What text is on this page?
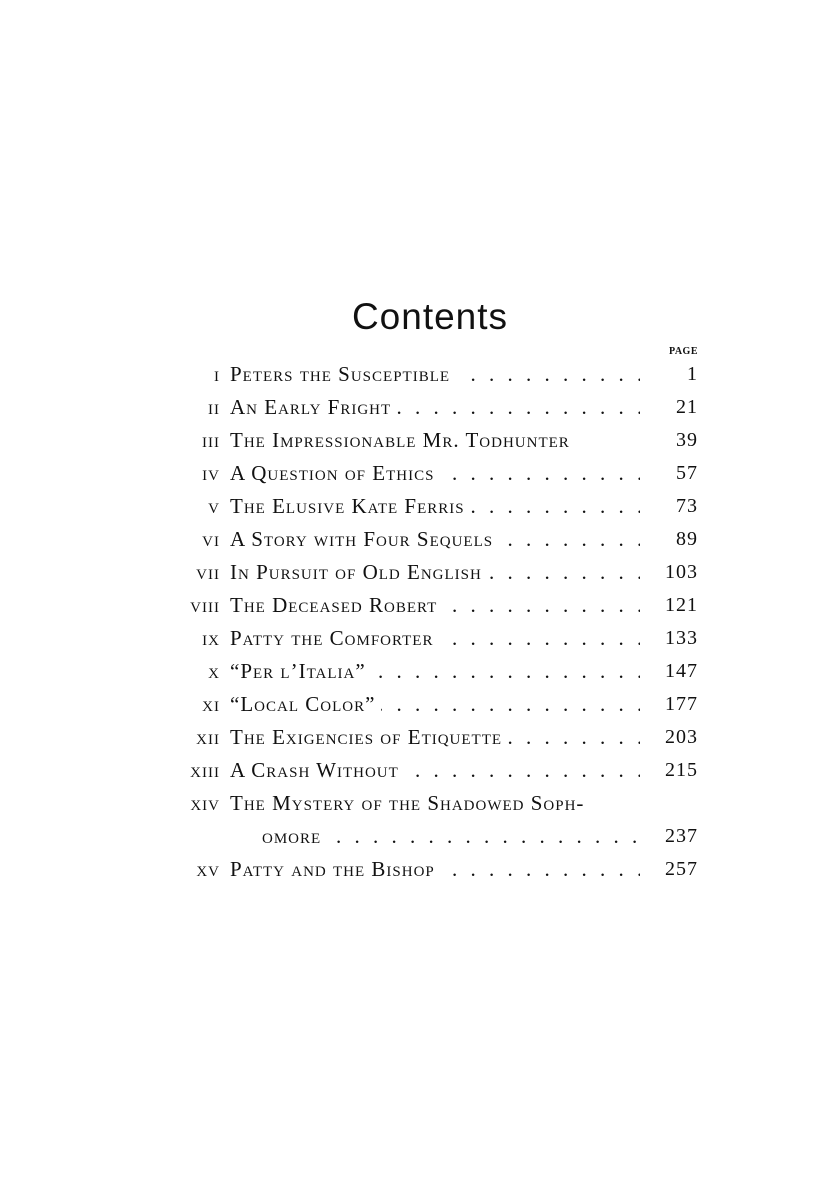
Contents
PAGE
i Peters the Susceptible . . .	1
ii An Early Fright . . .	21
iii The Impressionable Mr. Todhunter	39
iv A Question of Ethics . . .	57
v The Elusive Kate Ferris . . .	73
vi A Story with Four Sequels . . .	89
vii In Pursuit of Old English . . .	103
viii The Deceased Robert . . .	121
ix Patty the Comforter . . .	133
x “Per l’Italia” . . .	147
xi “Local Color” . . .	177
xii The Exigencies of Etiquette . . .	203
xiii A Crash Without . . .	215
xiv The Mystery of the Shadowed Soph-
omore . . .	237
xv Patty and the Bishop . . .	257
